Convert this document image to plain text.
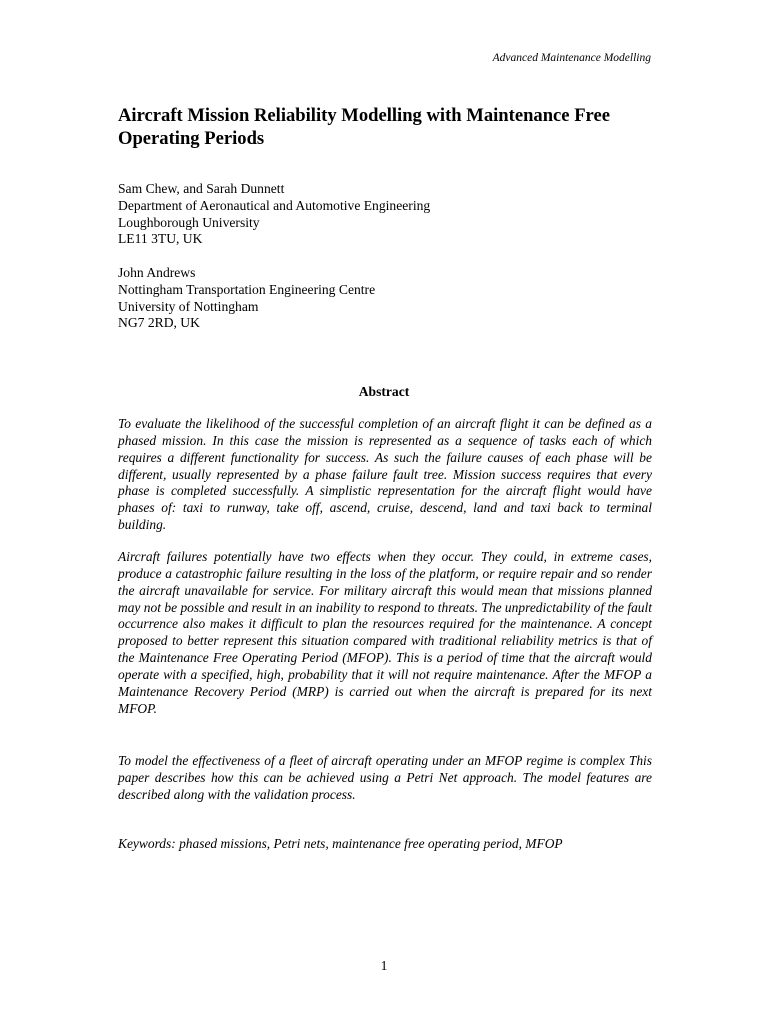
Advanced Maintenance Modelling
Aircraft Mission Reliability Modelling with Maintenance Free Operating Periods
Sam Chew, and Sarah Dunnett
Department of Aeronautical and Automotive Engineering
Loughborough University
LE11 3TU, UK
John Andrews
Nottingham Transportation Engineering Centre
University of Nottingham
NG7 2RD, UK
Abstract

To evaluate the likelihood of the successful completion of an aircraft flight it can be defined as a phased mission. In this case the mission is represented as a sequence of tasks each of which requires a different functionality for success. As such the failure causes of each phase will be different, usually represented by a phase failure fault tree. Mission success requires that every phase is completed successfully. A simplistic representation for the aircraft flight would have phases of: taxi to runway, take off, ascend, cruise, descend, land and taxi back to terminal building.

Aircraft failures potentially have two effects when they occur. They could, in extreme cases, produce a catastrophic failure resulting in the loss of the platform, or require repair and so render the aircraft unavailable for service. For military aircraft this would mean that missions planned may not be possible and result in an inability to respond to threats. The unpredictability of the fault occurrence also makes it difficult to plan the resources required for the maintenance. A concept proposed to better represent this situation compared with traditional reliability metrics is that of the Maintenance Free Operating Period (MFOP). This is a period of time that the aircraft would operate with a specified, high, probability that it will not require maintenance. After the MFOP a Maintenance Recovery Period (MRP) is carried out when the aircraft is prepared for its next MFOP.

To model the effectiveness of a fleet of aircraft operating under an MFOP regime is complex This paper describes how this can be achieved using a Petri Net approach. The model features are described along with the validation process.

Keywords: phased missions, Petri nets, maintenance free operating period, MFOP

1
